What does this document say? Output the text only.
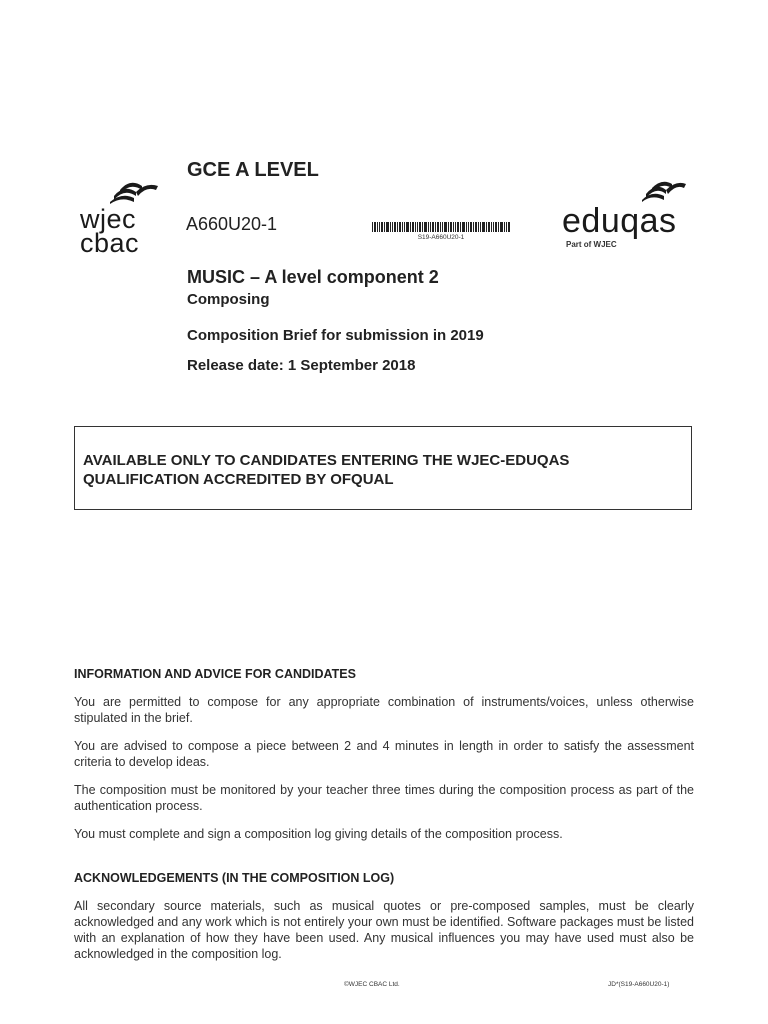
wjec
cbac
eduqas
Part of WJEC
GCE A LEVEL
A660U20-1
S19-A660U20-1
MUSIC – A level component 2
Composing
Composition Brief for submission in 2019
Release date: 1 September 2018
AVAILABLE ONLY TO CANDIDATES ENTERING THE WJEC-EDUQAS QUALIFICATION ACCREDITED BY OFQUAL
INFORMATION AND ADVICE FOR CANDIDATES
You are permitted to compose for any appropriate combination of instruments/voices, unless otherwise stipulated in the brief.
You are advised to compose a piece between 2 and 4 minutes in length in order to satisfy the assessment criteria to develop ideas.
The composition must be monitored by your teacher three times during the composition process as part of the authentication process.
You must complete and sign a composition log giving details of the composition process.
ACKNOWLEDGEMENTS (IN THE COMPOSITION LOG)
All secondary source materials, such as musical quotes or pre-composed samples, must be clearly acknowledged and any work which is not entirely your own must be identified. Software packages must be listed with an explanation of how they have been used. Any musical influences you may have used must also be acknowledged in the composition log.
©WJEC CBAC Ltd.	JD*(S19-A660U20-1)
